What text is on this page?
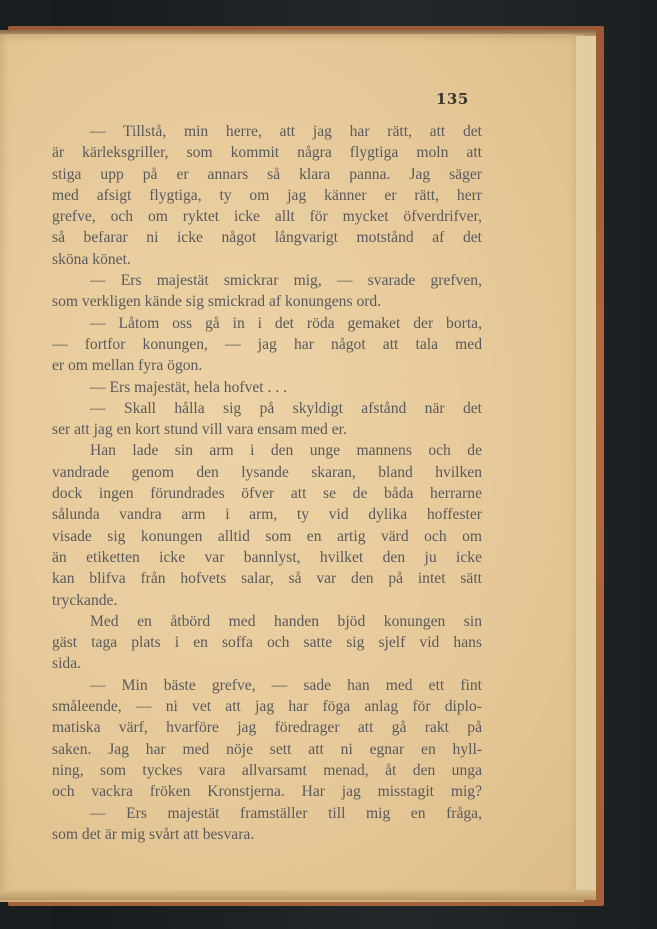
135
— Tillstå, min herre, att jag har rätt, att det
är kärleksgriller, som kommit några flygtiga moln att
stiga upp på er annars så klara panna. Jag säger
med afsigt flygtiga, ty om jag känner er rätt, herr
grefve, och om ryktet icke allt för mycket öfverdrifver,
så befarar ni icke något långvarigt motstånd af det
sköna könet.
— Ers majestät smickrar mig, — svarade grefven,
som verkligen kände sig smickrad af konungens ord.
— Låtom oss gå in i det röda gemaket der borta,
— fortfor konungen, — jag har något att tala med
er om mellan fyra ögon.
— Ers majestät, hela hofvet . . .
— Skall hålla sig på skyldigt afstånd när det
ser att jag en kort stund vill vara ensam med er.
Han lade sin arm i den unge mannens och de
vandrade genom den lysande skaran, bland hvilken
dock ingen förundrades öfver att se de båda herrarne
sålunda vandra arm i arm, ty vid dylika hoffester
visade sig konungen alltid som en artig värd och om
än etiketten icke var bannlyst, hvilket den ju icke
kan blifva från hofvets salar, så var den på intet sätt
tryckande.
Med en åtbörd med handen bjöd konungen sin
gäst taga plats i en soffa och satte sig sjelf vid hans
sida.
— Min bäste grefve, — sade han med ett fint
småleende, — ni vet att jag har föga anlag för diplo-
matiska värf, hvarföre jag föredrager att gå rakt på
saken. Jag har med nöje sett att ni egnar en hyll-
ning, som tyckes vara allvarsamt menad, åt den unga
och vackra fröken Kronstjerna. Har jag misstagit mig?
— Ers majestät framställer till mig en fråga,
som det är mig svårt att besvara.
